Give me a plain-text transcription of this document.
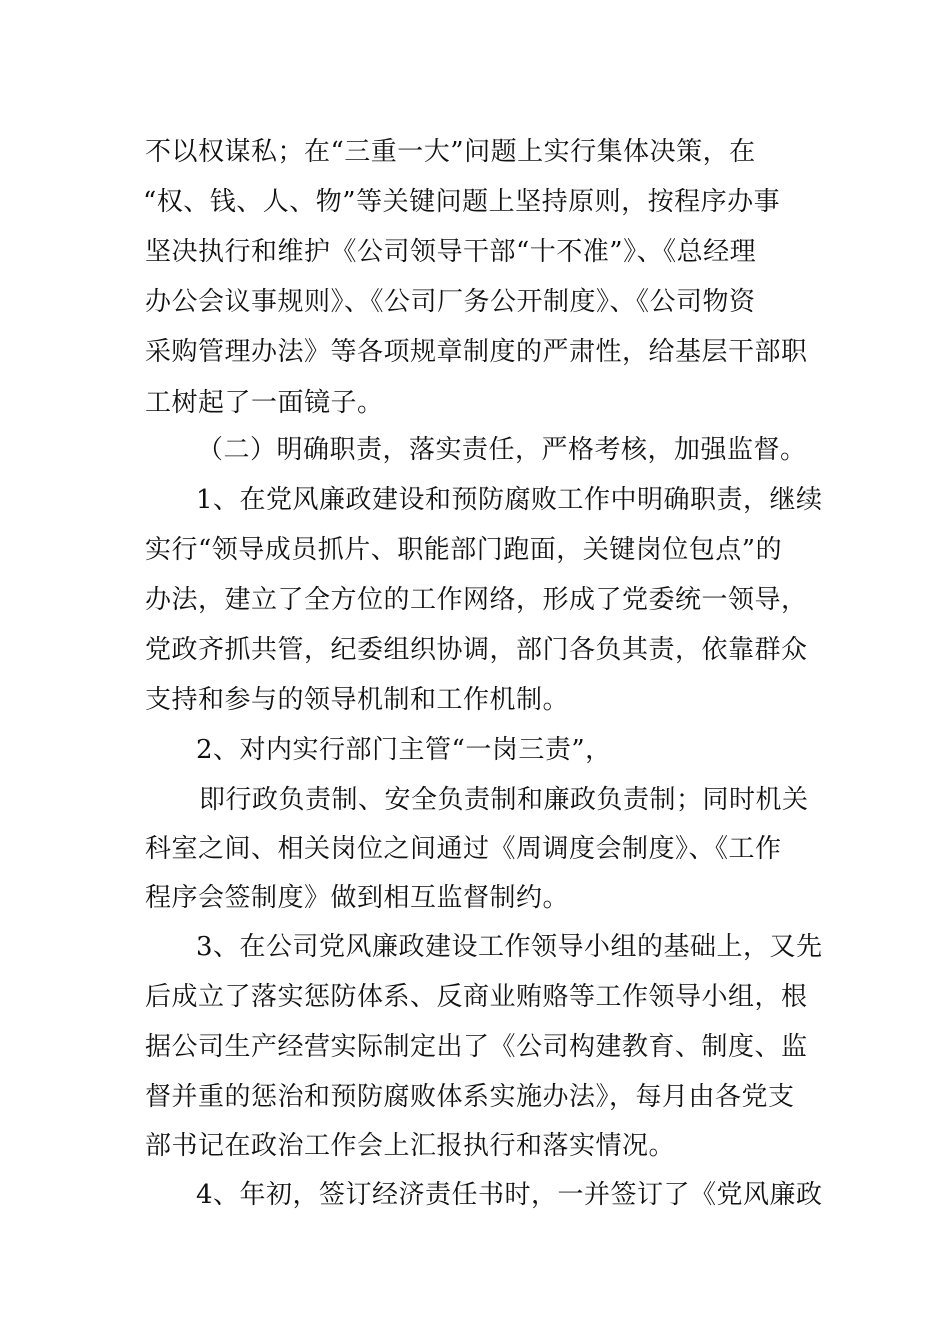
不以权谋私；在“三重一大”问题上实行集体决策，在
“权、钱、人、物”等关键问题上坚持原则，按程序办事
坚决执行和维护《公司领导干部“十不准”》、《总经理
办公会议事规则》、《公司厂务公开制度》、《公司物资
采购管理办法》等各项规章制度的严肃性，给基层干部职
工树起了一面镜子。
（二）明确职责，落实责任，严格考核，加强监督。
1、在党风廉政建设和预防腐败工作中明确职责，继续
实行“领导成员抓片、职能部门跑面，关键岗位包点”的
办法，建立了全方位的工作网络，形成了党委统一领导，
党政齐抓共管，纪委组织协调，部门各负其责，依靠群众
支持和参与的领导机制和工作机制。
2、对内实行部门主管“一岗三责”，
即行政负责制、安全负责制和廉政负责制；同时机关
科室之间、相关岗位之间通过《周调度会制度》、《工作
程序会签制度》做到相互监督制约。
3、在公司党风廉政建设工作领导小组的基础上，又先
后成立了落实惩防体系、反商业贿赂等工作领导小组，根
据公司生产经营实际制定出了《公司构建教育、制度、监
督并重的惩治和预防腐败体系实施办法》，每月由各党支
部书记在政治工作会上汇报执行和落实情况。
4、年初，签订经济责任书时，一并签订了《党风廉政
